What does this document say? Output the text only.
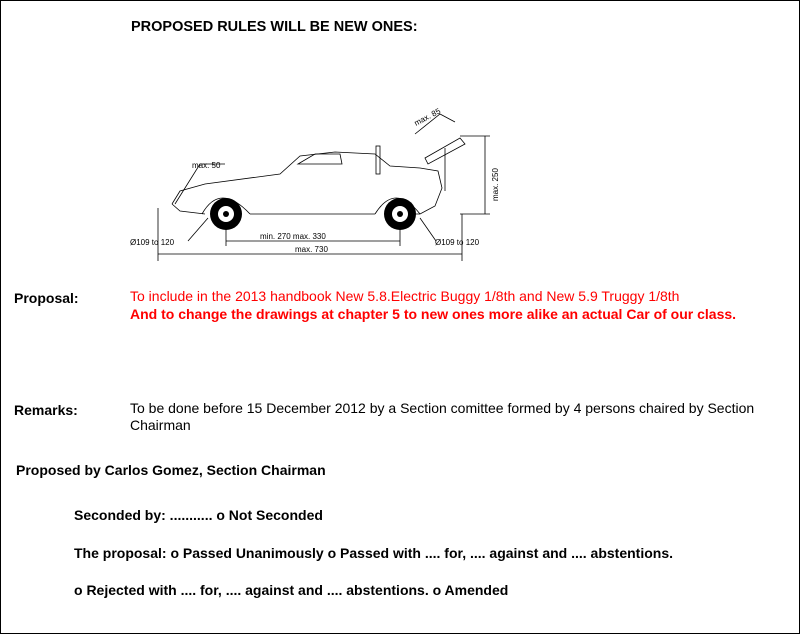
PROPOSED RULES WILL BE NEW ONES:
max. 50
max. 85
max. 250
Ø109 to 120	Ø109 to 120
min. 270 max. 330
max. 730
Proposal:	To include in the 2013 handbook New 5.8.Electric Buggy 1/8th and New 5.9 Truggy 1/8th
And to change the drawings at chapter 5 to new ones more alike an actual Car of our class.
Remarks:	To be done before 15 December 2012 by a Section comittee formed by 4 persons chaired by Section Chairman
Proposed by Carlos Gomez, Section Chairman
Seconded by: ........... o Not Seconded
The proposal: o Passed Unanimously o Passed with .... for, .... against and .... abstentions.
o Rejected with .... for, .... against and .... abstentions. o Amended
